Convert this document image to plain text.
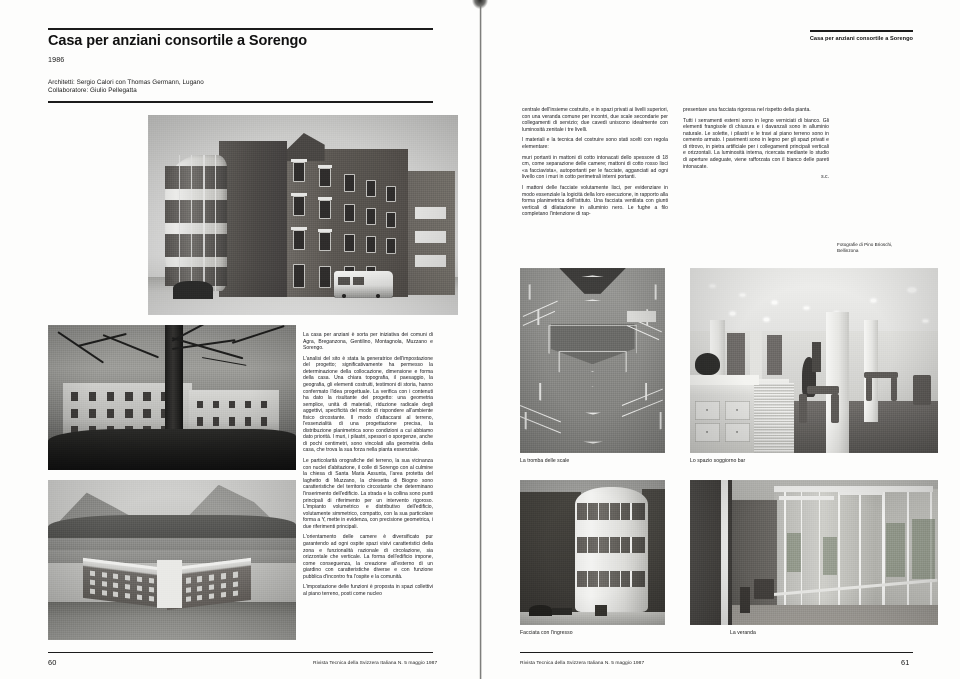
Casa per anziani consortile a Sorengo
1986
Architetti: Sergio Calori con Thomas Germann, Lugano
Collaboratore: Giulio Pellegatta

La casa per anziani è sorta per iniziativa dei comuni di Agra, Breganzona, Gentilino, Montagnola, Muzzano e Sorengo.

L'analisi del sito è stata la generatrice dell'impostazione del progetto; significativamente ha permesso la determinazione della collocazione, dimensione e forma della casa. Una chiara topografia, il paesaggio, la geografia, gli elementi costruiti, testimoni di storia, hanno confermato l'idea progettuale. La verifica con i contenuti ha dato la risultante del progetto: una geometria semplice, unità di materiali, riduzione radicale degli aggettivi, specificità del modo di rispondere all'ambiente fisico circostante. Il modo d'attaccarsi al terreno, l'essenzialità di una progettazione precisa, la distribuzione planimetrica sono condizioni a cui abbiamo dato priorità. I muri, i pilastri, spessori o sporgenze, anche di pochi centimetri, sono vincolati alla geometria della casa, che trova la sua forza nella pianta essenziale.

Le particolarità orografiche del terreno, la sua vicinanza con nuclei d'abitazione, il colle di Sorengo con al culmine la chiesa di Santa Maria Assunta, l'area protetta del laghetto di Muzzano, la chiesetta di Biogno sono caratteristiche del territorio circostante che determinano l'inserimento dell'edificio. La strada e la collina sono punti principali di riferimento per un intervento rigoroso. L'impianto volumetrico e distributivo dell'edificio, volutamente simmetrico, compatto, con la sua particolare forma a Y, mette in evidenza, con precisione geometrica, i due riferimenti principali.

L'orientamento delle camere è diversificato pur garantendo ad ogni ospite spazi visivi caratteristici della zona e funzionalità razionale di circolazione, sia orizzontale che verticale. La forma dell'edificio impone, come conseguenza, la creazione all'esterno di un giardino con caratteristiche diverse e con funzione pubblica d'incontro fra l'ospite e la comunità.

L'impostazione delle funzioni è proposta in spazi collettivi al piano terreno, posti come nucleo

60	Rivista Tecnica della Svizzera Italiana N. 5 maggio 1987
Casa per anziani consortile a Sorengo

centrale dell'insieme costruito, e in spazi privati ai livelli superiori, con una veranda comune per incontri, due scale secondarie per collegamenti di servizio; due cavedi uniscono idealmente con luminosità zenitale i tre livelli.

I materiali e la tecnica del costruire sono stati scelti con regola elementare:

muri portanti in mattoni di cotto intonacati dello spessore di 18 cm, come separazione delle camere; mattoni di cotto rosso lisci «a facciavista», autoportanti per le facciate, agganciati ad ogni livello con i muri in cotto perimetrali interni portanti.

I mattoni delle facciate volutamente lisci, per evidenziare in modo essenziale la logicità della loro esecuzione, in rapporto alla forma planimetrica dell'istituto. Una facciata ventilata con giunti verticali di dilatazione in alluminio nero. Le fughe a filo completano l'intenzione di rap-

presentare una facciata rigorosa nel rispetto della pianta.

Tutti i serramenti esterni sono in legno verniciati di bianco. Gli elementi frangisole di chiusura e i davanzali sono in alluminio naturale. Le solette, i pilastri e le travi al piano terreno sono in cemento armato. I pavimenti sono in legno per gli spazi privati e di ritrovo, in pietra artificiale per i collegamenti principali verticali e orizzontali. La luminosità interna, ricercata mediante lo studio di aperture adeguate, viene rafforzata con il bianco delle pareti intonacate.

s.c.

Fotografie di Pino Brioschi, Bellinzona
La tromba delle scale	Lo spazio soggiorno bar
Facciata con l'ingresso	La veranda
Rivista Tecnica della Svizzera Italiana N. 5 maggio 1987	61
